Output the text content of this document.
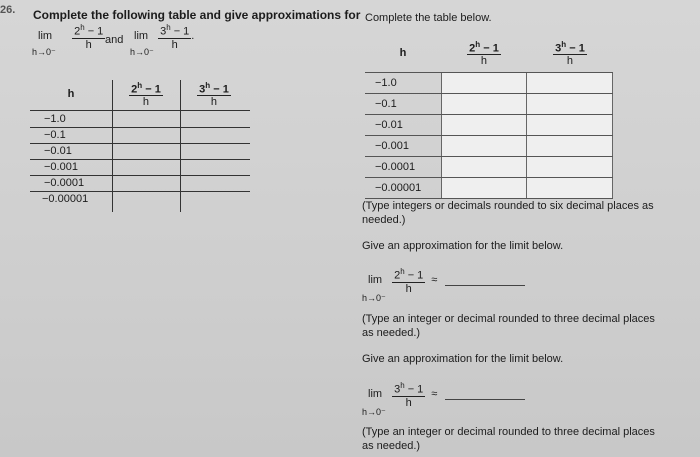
26.	Complete the following table and give approximations for
$\lim \frac{2^h - 1}{h}$
h→0⁻
and $\lim \frac{3^h - 1}{h}$ .
h→0⁻
h	$\frac{2^h - 1}{h}$	$\frac{3^h - 1}{h}$
−1.0
−0.1
−0.01
−0.001
−0.0001
−0.00001
Complete the table below.
h	$\frac{2^h - 1}{h}$	$\frac{3^h - 1}{h}$
−1.0
−0.1
−0.01
−0.001
−0.0001
−0.00001
(Type integers or decimals rounded to six decimal places as needed.)
Give an approximation for the limit below.
$\lim \frac{2^h - 1}{h}$ ≈
h→0⁻
(Type an integer or decimal rounded to three decimal places as needed.)
Give an approximation for the limit below.
$\lim \frac{3^h - 1}{h}$ ≈
h→0⁻
(Type an integer or decimal rounded to three decimal places as needed.)
